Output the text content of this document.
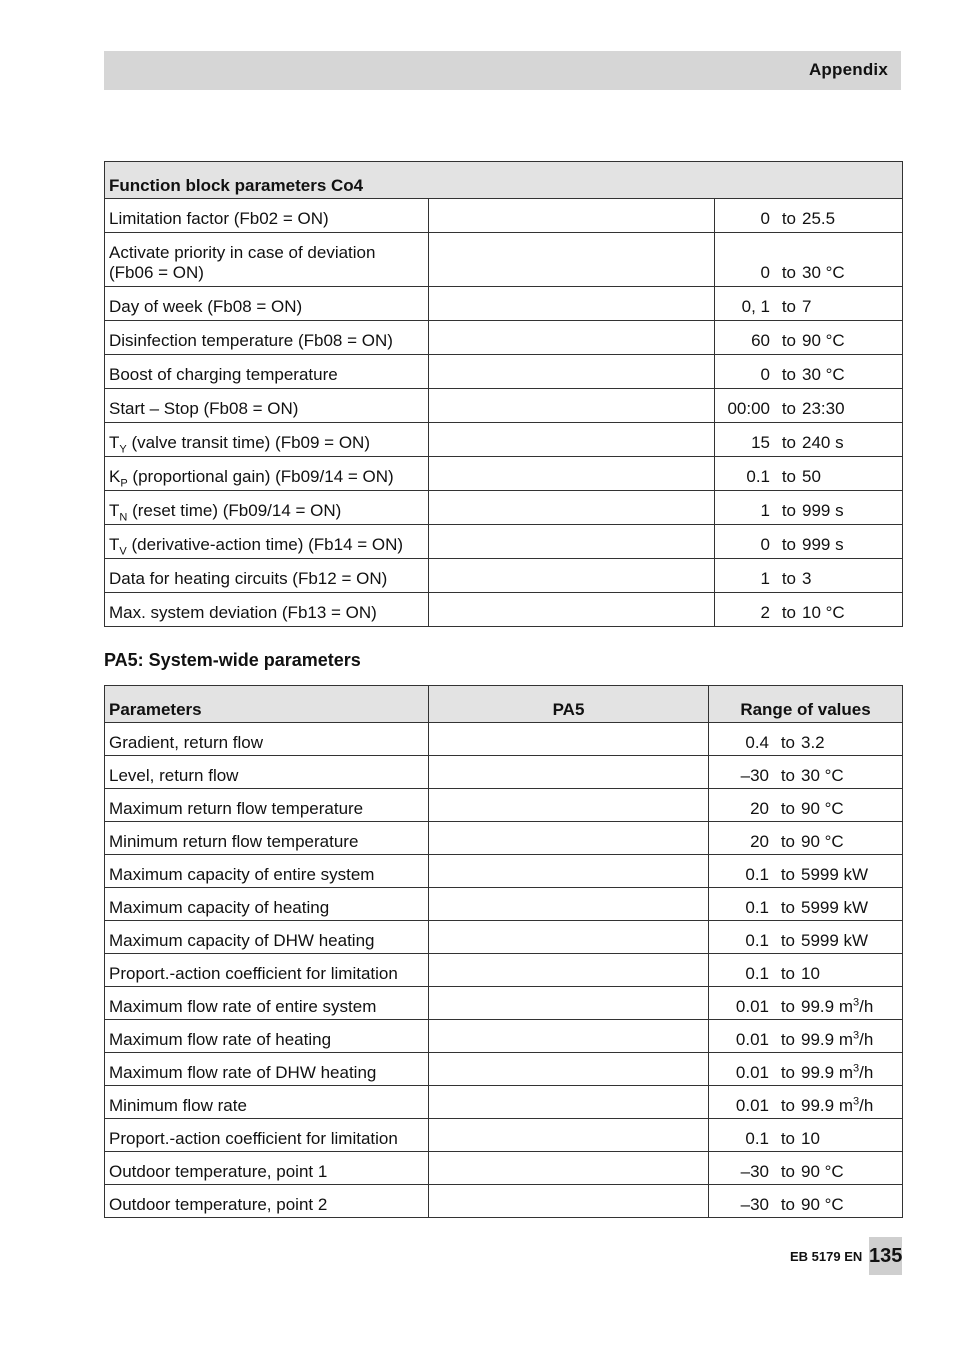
Appendix
Function block parameters Co4		
Limitation factor (Fb02 = ON)		0 to 25.5
Activate priority in case of deviation (Fb06 = ON)		0 to 30 °C
Day of week (Fb08 = ON)		0, 1 to 7
Disinfection temperature (Fb08 = ON)		60 to 90 °C
Boost of charging temperature		0 to 30 °C
Start – Stop (Fb08 = ON)		00:00 to 23:30
$T_Y$ (valve transit time) (Fb09 = ON)		15 to 240 s
$K_P$ (proportional gain) (Fb09/14 = ON)		0.1 to 50
$T_N$ (reset time) (Fb09/14 = ON)		1 to 999 s
$T_V$ (derivative-action time) (Fb14 = ON)		0 to 999 s
Data for heating circuits (Fb12 = ON)		1 to 3
Max. system deviation (Fb13 = ON)		2 to 10 °C
PA5: System-wide parameters
Parameters	PA5	Range of values
Gradient, return flow		0.4 to 3.2
Level, return flow		–30 to 30 °C
Maximum return flow temperature		20 to 90 °C
Minimum return flow temperature		20 to 90 °C
Maximum capacity of entire system		0.1 to 5999 kW
Maximum capacity of heating		0.1 to 5999 kW
Maximum capacity of DHW heating		0.1 to 5999 kW
Proport.-action coefficient for limitation		0.1 to 10
Maximum flow rate of entire system		0.01 to 99.9 $m^3/h$
Maximum flow rate of heating		0.01 to 99.9 $m^3/h$
Maximum flow rate of DHW heating		0.01 to 99.9 $m^3/h$
Minimum flow rate		0.01 to 99.9 $m^3/h$
Proport.-action coefficient for limitation		0.1 to 10
Outdoor temperature, point 1		–30 to 90 °C
Outdoor temperature, point 2		–30 to 90 °C
EB 5179 EN 135
